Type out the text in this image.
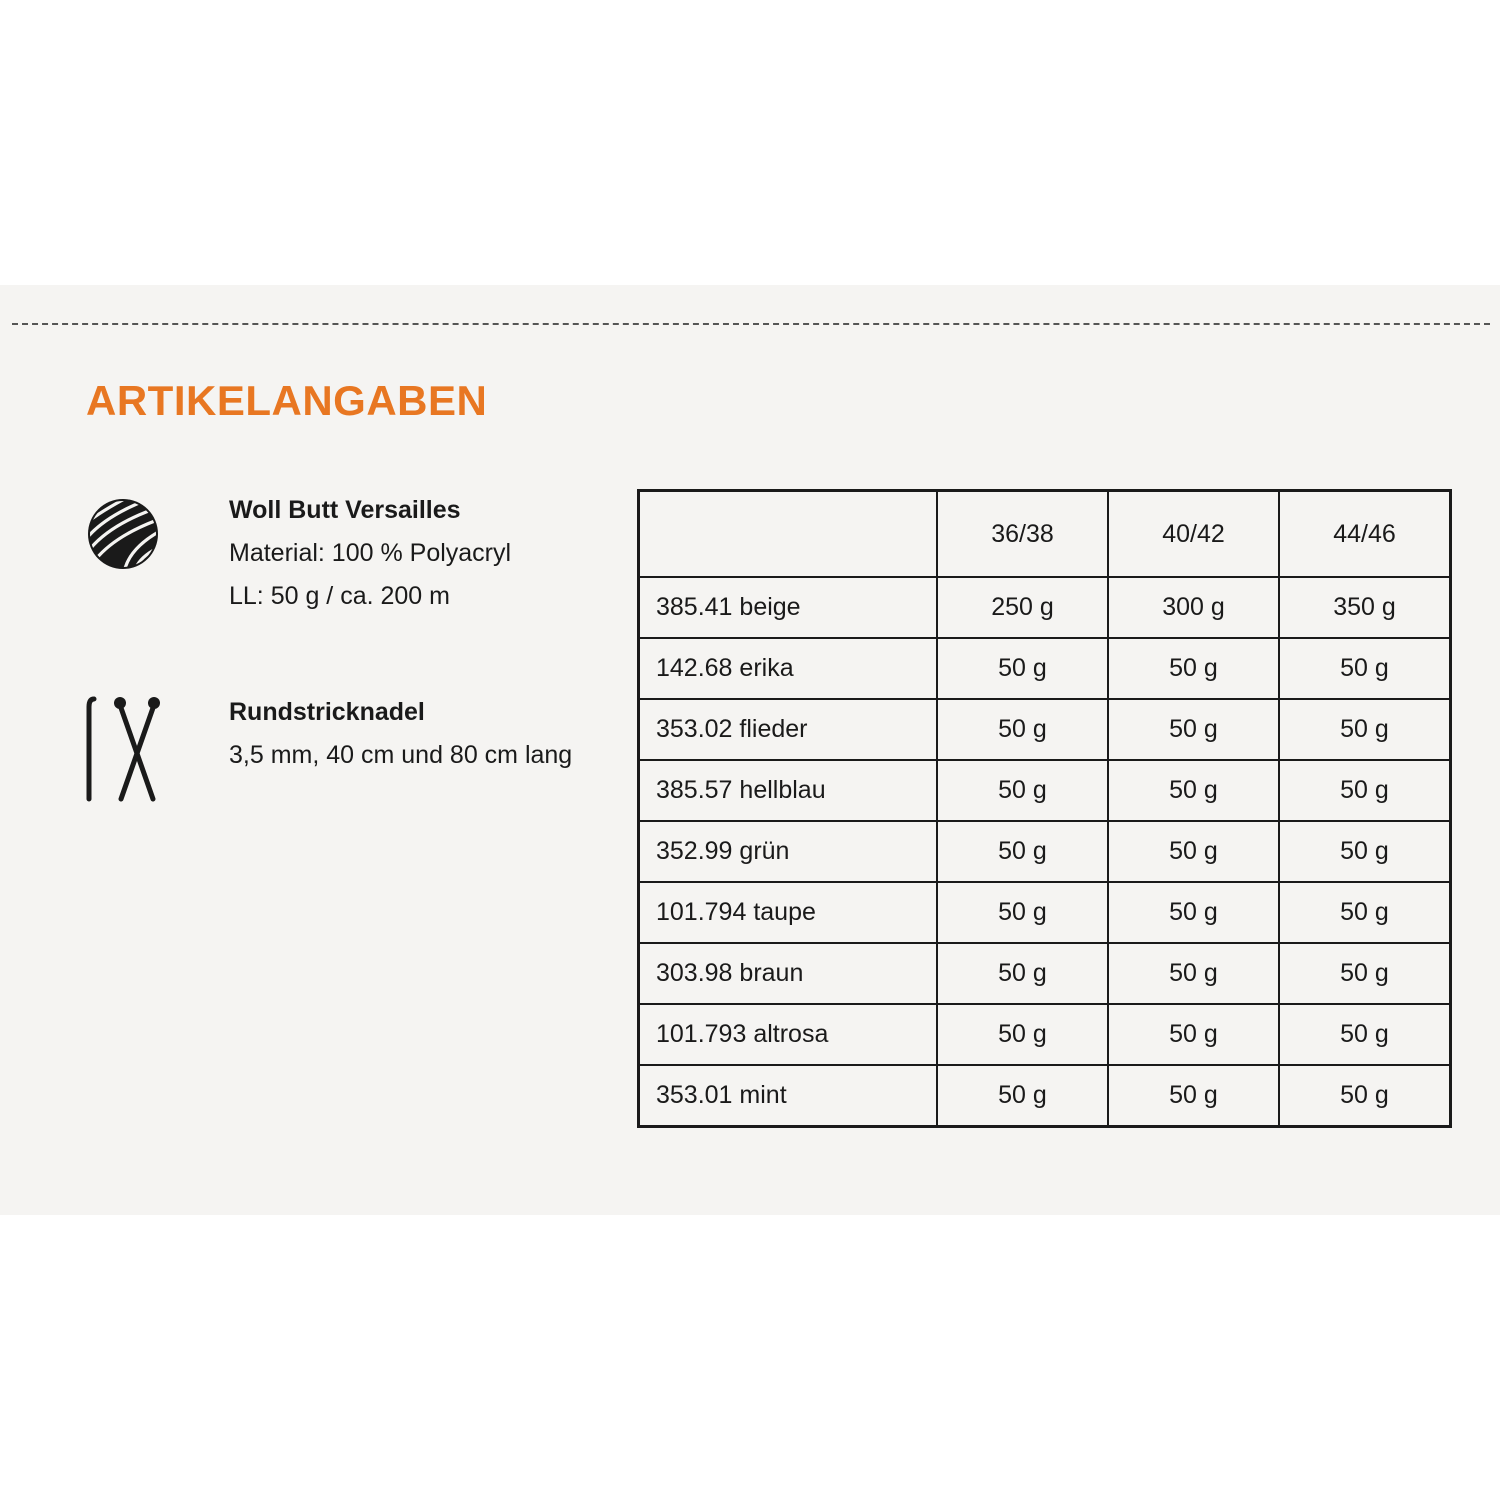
ARTIKELANGABEN
Woll Butt Versailles
Material: 100 % Polyacryl
LL: 50 g / ca. 200 m
Rundstricknadel
3,5 mm, 40 cm und 80 cm lang
	36/38	40/42	44/46
385.41 beige	250 g	300 g	350 g
142.68 erika	50 g	50 g	50 g
353.02 flieder	50 g	50 g	50 g
385.57 hellblau	50 g	50 g	50 g
352.99 grün	50 g	50 g	50 g
101.794 taupe	50 g	50 g	50 g
303.98 braun	50 g	50 g	50 g
101.793 altrosa	50 g	50 g	50 g
353.01 mint	50 g	50 g	50 g
